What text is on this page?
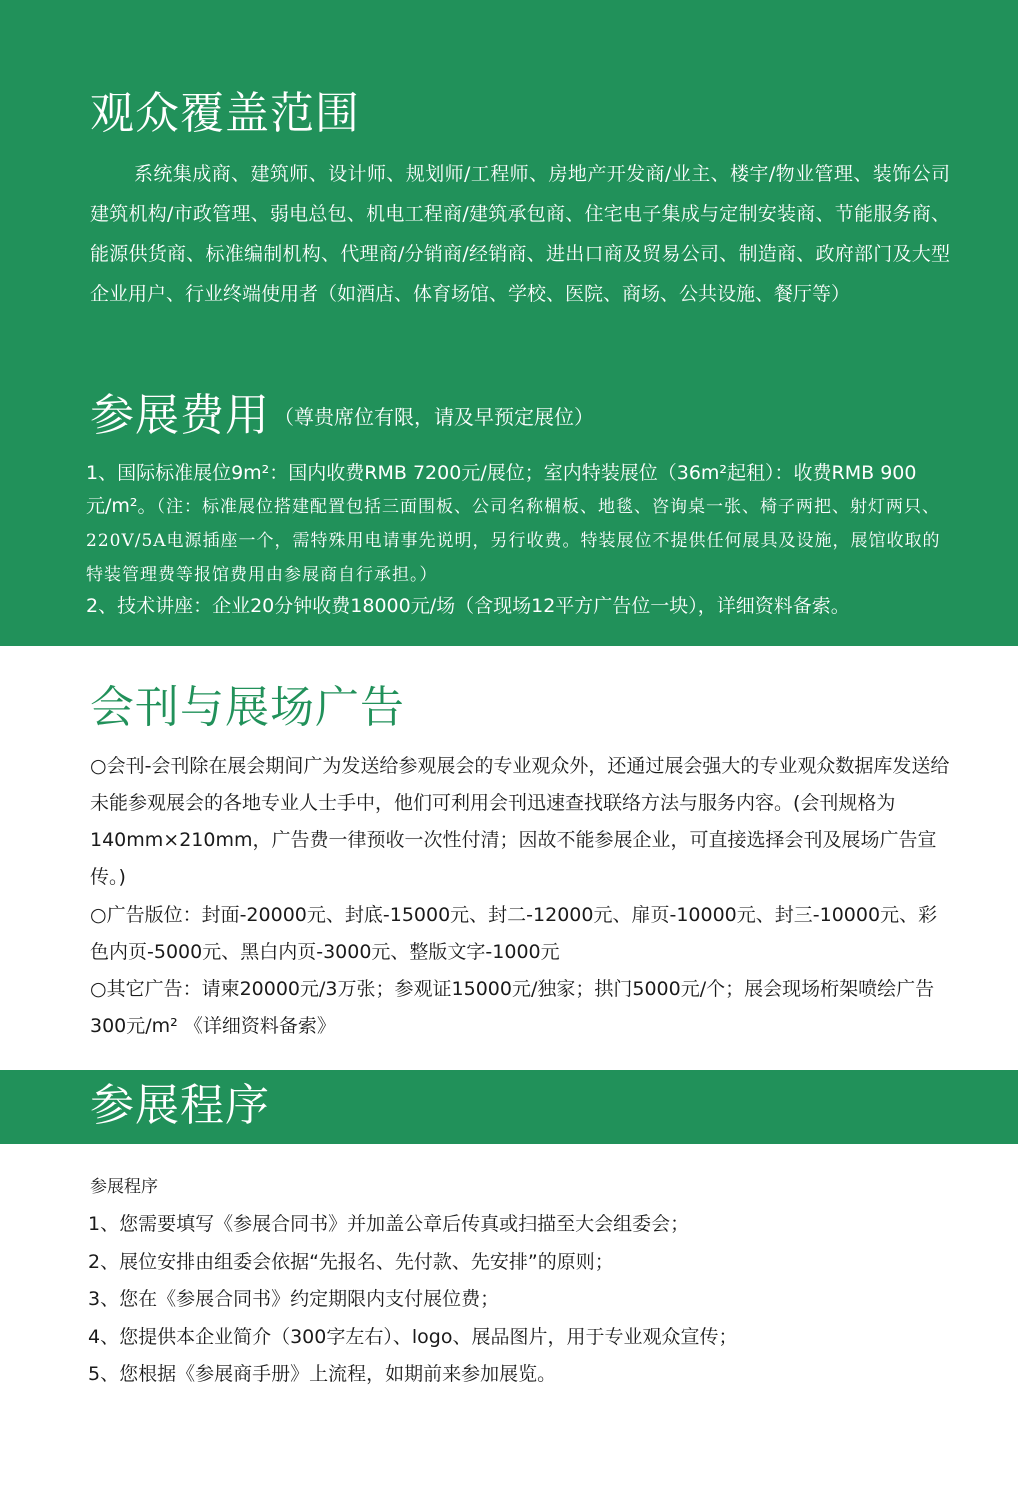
观众覆盖范围

系统集成商、建筑师、设计师、规划师/工程师、房地产开发商/业主、楼宇/物业管理、装饰公司建筑机构/市政管理、弱电总包、机电工程商/建筑承包商、住宅电子集成与定制安装商、节能服务商、能源供货商、标准编制机构、代理商/分销商/经销商、进出口商及贸易公司、制造商、政府部门及大型企业用户、行业终端使用者（如酒店、体育场馆、学校、医院、商场、公共设施、餐厅等）

参展费用 （尊贵席位有限，请及早预定展位）
1、国际标准展位9m²：国内收费RMB 7200元/展位；室内特装展位（36m²起租）：收费RMB 900元/m²。（注：标准展位搭建配置包括三面围板、公司名称楣板、地毯、咨询桌一张、椅子两把、射灯两只、220V/5A电源插座一个，需特殊用电请事先说明，另行收费。特装展位不提供任何展具及设施，展馆收取的特装管理费等报馆费用由参展商自行承担。）
2、技术讲座：企业20分钟收费18000元/场（含现场12平方广告位一块），详细资料备索。
会刊与展场广告

○会刊-会刊除在展会期间广为发送给参观展会的专业观众外，还通过展会强大的专业观众数据库发送给未能参观展会的各地专业人士手中，他们可利用会刊迅速查找联络方法与服务内容。(会刊规格为140mm×210mm，广告费一律预收一次性付清；因故不能参展企业，可直接选择会刊及展场广告宣传。)

○广告版位：封面-20000元、封底-15000元、封二-12000元、扉页-10000元、封三-10000元、彩色内页-5000元、黑白内页-3000元、整版文字-1000元

○其它广告：请柬20000元/3万张；参观证15000元/独家；拱门5000元/个；展会现场桁架喷绘广告300元/m² 《详细资料备索》

参展程序
参展程序
1、您需要填写《参展合同书》并加盖公章后传真或扫描至大会组委会；
2、展位安排由组委会依据“先报名、先付款、先安排”的原则；
3、您在《参展合同书》约定期限内支付展位费；
4、您提供本企业简介（300字左右）、logo、展品图片，用于专业观众宣传；
5、您根据《参展商手册》上流程，如期前来参加展览。
